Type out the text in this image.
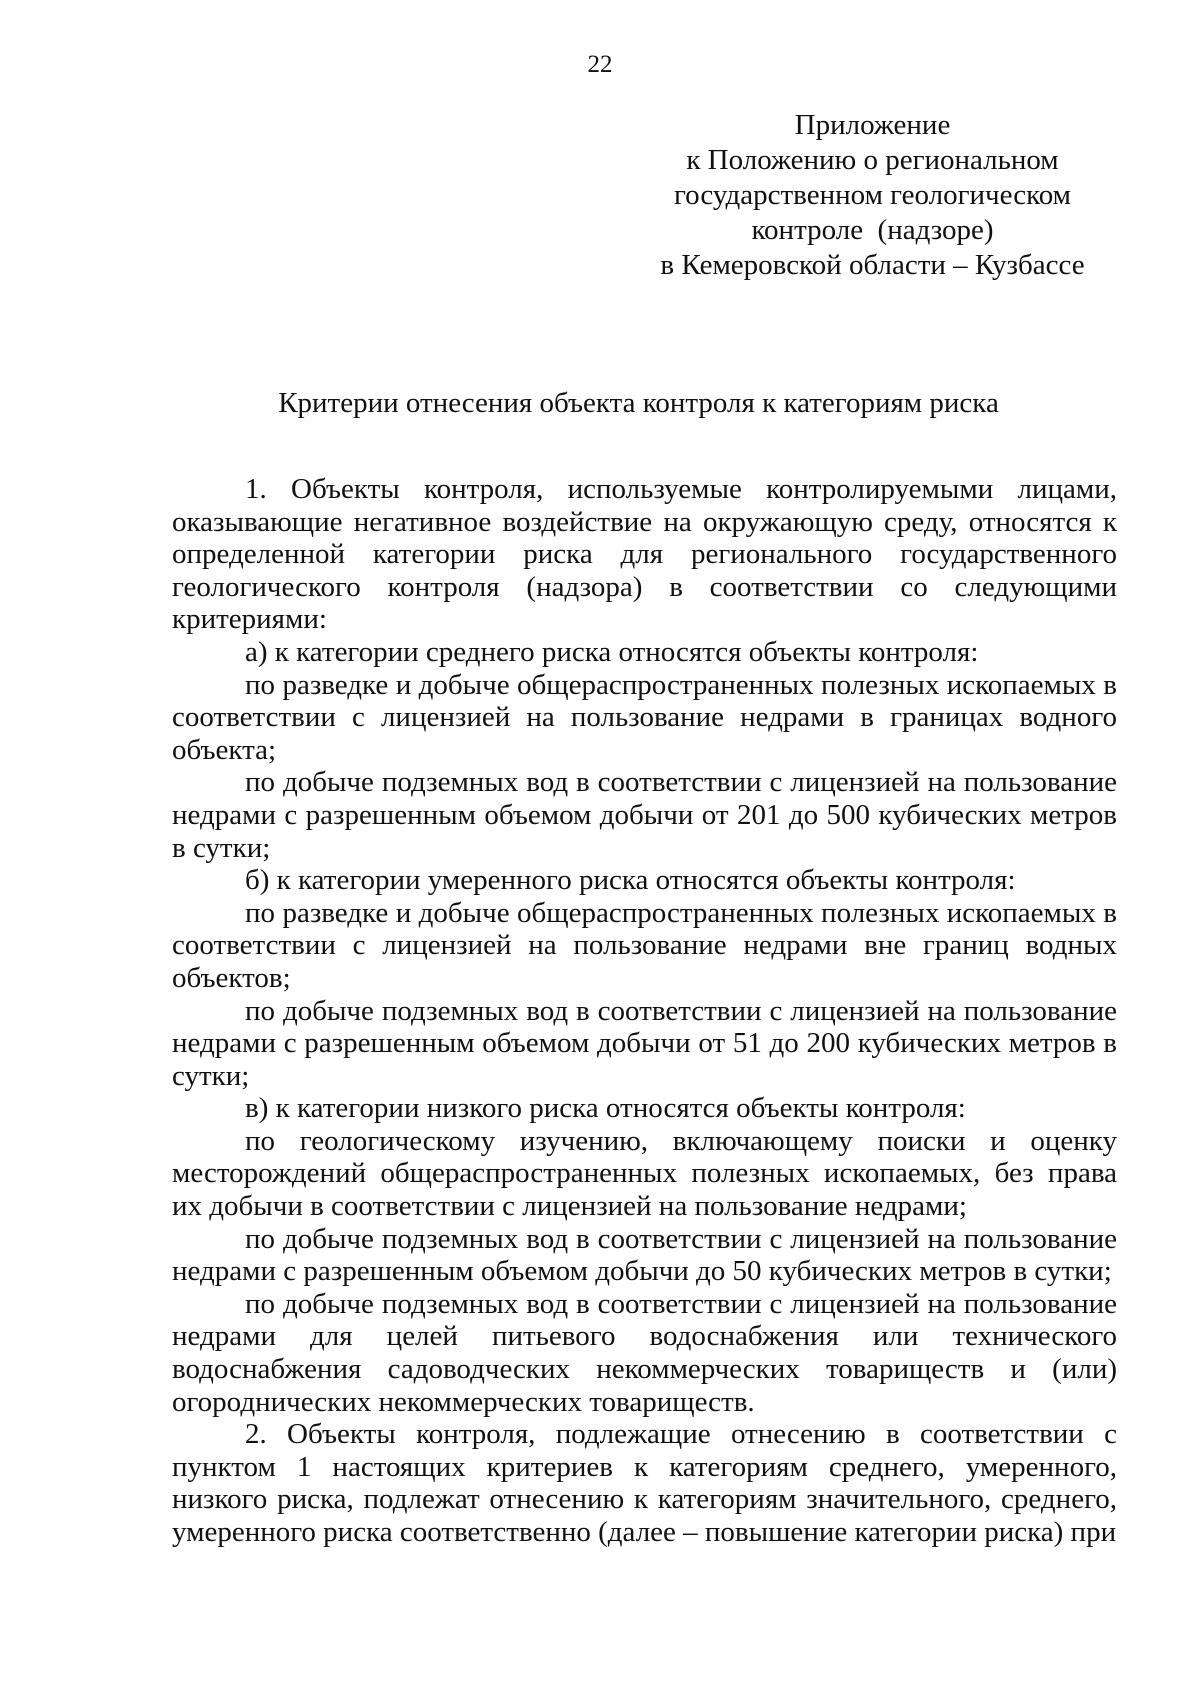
22
Приложение
к Положению о региональном
государственном геологическом
контроле  (надзоре)
в Кемеровской области – Кузбассе
Критерии отнесения объекта контроля к категориям риска

1. Объекты контроля, используемые контролируемыми лицами, оказывающие негативное воздействие на окружающую среду, относятся к определенной категории риска для регионального государственного геологического контроля (надзора) в соответствии со следующими критериями:

а) к категории среднего риска относятся объекты контроля:

по разведке и добыче общераспространенных полезных ископаемых в соответствии с лицензией на пользование недрами в границах водного объекта;

по добыче подземных вод в соответствии с лицензией на пользование недрами с разрешенным объемом добычи от 201 до 500 кубических метров в сутки;

б) к категории умеренного риска относятся объекты контроля:

по разведке и добыче общераспространенных полезных ископаемых в соответствии с лицензией на пользование недрами вне границ водных объектов;

по добыче подземных вод в соответствии с лицензией на пользование недрами с разрешенным объемом добычи от 51 до 200 кубических метров в сутки;

в) к категории низкого риска относятся объекты контроля:

по геологическому изучению, включающему поиски и оценку месторождений общераспространенных полезных ископаемых, без права их добычи в соответствии с лицензией на пользование недрами;

по добыче подземных вод в соответствии с лицензией на пользование недрами с разрешенным объемом добычи до 50 кубических метров в сутки;

по добыче подземных вод в соответствии с лицензией на пользование недрами для целей питьевого водоснабжения или технического водоснабжения садоводческих некоммерческих товариществ и (или) огороднических некоммерческих товариществ.

2. Объекты контроля, подлежащие отнесению в соответствии с пунктом 1 настоящих критериев к категориям среднего, умеренного, низкого риска, подлежат отнесению к категориям значительного, среднего, умеренного риска соответственно (далее – повышение категории риска) при
